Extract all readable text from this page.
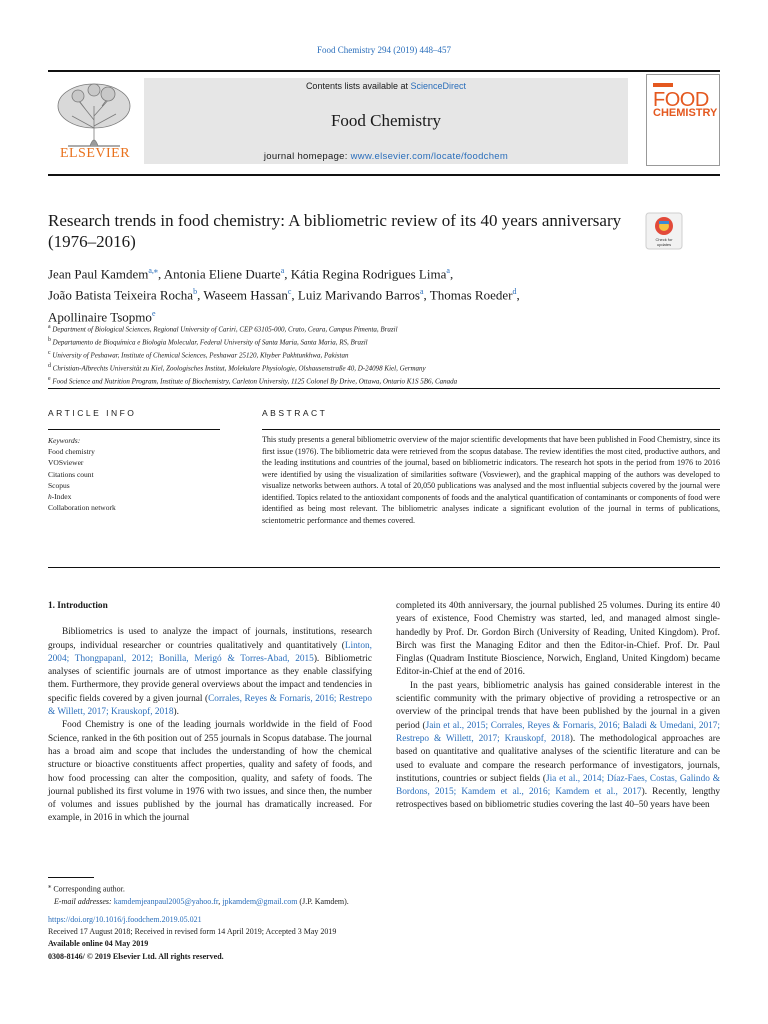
Food Chemistry 294 (2019) 448–457
ELSEVIER
Contents lists available at ScienceDirect
Food Chemistry
journal homepage: www.elsevier.com/locate/foodchem
FOOD
CHEMISTRY
Research trends in food chemistry: A bibliometric review of its 40 years anniversary (1976–2016)	Check for
updates
Jean Paul Kamdem$^{a,⁎}$, Antonia Eliene Duarte$^a$, Kátia Regina Rodrigues Lima$^a$,
João Batista Teixeira Rocha$^b$, Waseem Hassan$^c$, Luiz Marivando Barros$^a$, Thomas Roeder$^d$,
Apollinaire Tsopmo$^e$
$^a$ Department of Biological Sciences, Regional University of Cariri, CEP 63105-000, Crato, Ceara, Campus Pimenta, Brazil
$^b$ Departamento de Bioquímica e Biologia Molecular, Federal University of Santa Maria, Santa Maria, RS, Brazil
$^c$ University of Peshawar, Institute of Chemical Sciences, Peshawar 25120, Khyber Pakhtunkhwa, Pakistan
$^d$ Christian-Albrechts Universität zu Kiel, Zoologisches Institut, Molekulare Physiologie, Olshausenstraße 40, D-24098 Kiel, Germany
$^e$ Food Science and Nutrition Program, Institute of Biochemistry, Carleton University, 1125 Colonel By Drive, Ottawa, Ontario K1S 5B6, Canada
ARTICLE INFO	ABSTRACT
Keywords:
Food chemistry
VOSviewer
Citations count
Scopus
h-Index
Collaboration network
This study presents a general bibliometric overview of the major scientific developments that have been published in Food Chemistry, since its first issue (1976). The bibliometric data were retrieved from the scopus database. The review identifies the most cited, productive authors, and the leading institutions and countries of the journal, based on bibliometric indicators. The research hot spots in the period from 1976 to 2016 were identified by using the visualization of similarities software (Vosviewer), and the graphical mapping of the authors was developed to visualize networks between authors. A total of 20,050 publications was analysed and the most influential subjects covered by the journal were identified. Topics related to the antioxidant components of foods and the analytical quantification of contaminants or components of food were identified as being most relevant. The bibliometric analyses indicate a significant evolution of the journal in terms of publications, scientometric performance and themes covered.
1. Introduction

Bibliometrics is used to analyze the impact of journals, institutions, research groups, individual researcher or countries qualitatively and quantitatively (Linton, 2004; Thongpapanl, 2012; Bonilla, Merigó & Torres-Abad, 2015). Bibliometric analyses of scientific journals are of utmost importance as they enable classifying them. Furthermore, they provide general overviews about the impact and tendencies in specific fields covered by a given journal (Corrales, Reyes & Fornaris, 2016; Restrepo & Willett, 2017; Krauskopf, 2018).

Food Chemistry is one of the leading journals worldwide in the field of Food Science, ranked in the 6th position out of 255 journals in Scopus database. The journal has a broad aim and scope that includes the understanding of how the chemical structure or bioactive constituents affect properties, quality and safety of foods, and how food processing can alter the composition, quality, and safety of foods. The journal published its first volume in 1976 with two issues, and since then, the number of volumes and issues published by the journal has dramatically increased. For example, in 2016 in which the journal

completed its 40th anniversary, the journal published 25 volumes. During its entire 40 years of existence, Food Chemistry was started, led, and managed almost single-handedly by Prof. Dr. Gordon Birch (University of Reading, United Kingdom). Prof. Birch was first the Managing Editor and then the Editor-in-Chief. Prof. Dr. Paul Finglas (Quadram Institute Bioscience, Norwich, England, United Kingdom) became Editor-in-Chief at the end of 2016.

In the past years, bibliometric analysis has gained considerable interest in the scientific community with the primary objective of providing a retrospective or an overview of the principal trends that have been published by the journal in a given period (Jain et al., 2015; Corrales, Reyes & Fornaris, 2016; Baladi & Umedani, 2017; Restrepo & Willett, 2017; Krauskopf, 2018). The methodological approaches are based on quantitative and qualitative analyses of the scientific literature and can be used to evaluate and compare the research performance of investigators, journals, institutions, countries or subject fields (Jia et al., 2014; Díaz-Faes, Costas, Galindo & Bordons, 2015; Kamdem et al., 2016; Kamdem et al., 2017). Recently, lengthy retrospectives based on bibliometric studies covering the last 40–50 years have been

⁎ Corresponding author.
E-mail addresses: kamdemjeanpaul2005@yahoo.fr, jpkamdem@gmail.com (J.P. Kamdem).
https://doi.org/10.1016/j.foodchem.2019.05.021
Received 17 August 2018; Received in revised form 14 April 2019; Accepted 3 May 2019
Available online 04 May 2019
0308-8146/ © 2019 Elsevier Ltd. All rights reserved.
